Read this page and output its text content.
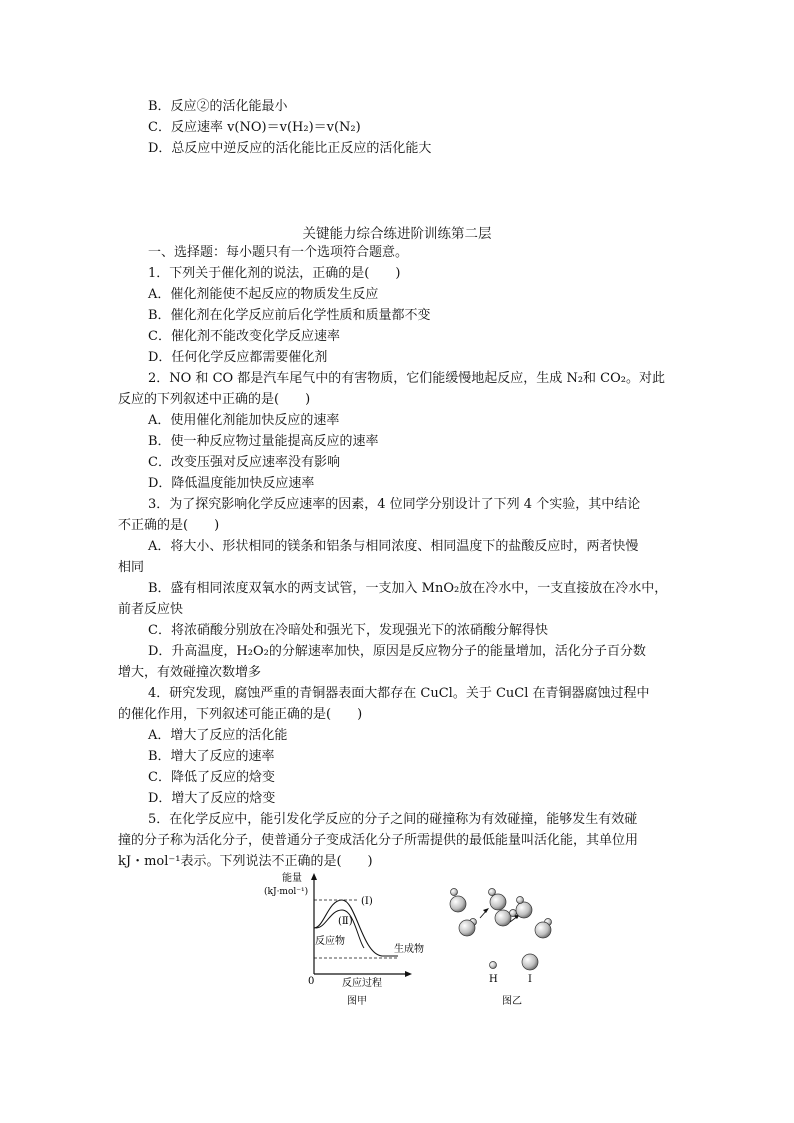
B．反应②的活化能最小
C．反应速率 v(NO)＝v(H₂)＝v(N₂)
D．总反应中逆反应的活化能比正反应的活化能大
关键能力综合练进阶训练第二层
一、选择题：每小题只有一个选项符合题意。
1．下列关于催化剂的说法，正确的是(　　)
A．催化剂能使不起反应的物质发生反应
B．催化剂在化学反应前后化学性质和质量都不变
C．催化剂不能改变化学反应速率
D．任何化学反应都需要催化剂
2．NO 和 CO 都是汽车尾气中的有害物质，它们能缓慢地起反应，生成 N₂和 CO₂。对此
反应的下列叙述中正确的是(　　)
A．使用催化剂能加快反应的速率
B．使一种反应物过量能提高反应的速率
C．改变压强对反应速率没有影响
D．降低温度能加快反应速率
3．为了探究影响化学反应速率的因素，4 位同学分别设计了下列 4 个实验，其中结论
不正确的是(　　)
A．将大小、形状相同的镁条和铝条与相同浓度、相同温度下的盐酸反应时，两者快慢
相同
B．盛有相同浓度双氧水的两支试管，一支加入 MnO₂放在冷水中，一支直接放在冷水中，
前者反应快
C．将浓硝酸分别放在冷暗处和强光下，发现强光下的浓硝酸分解得快
D．升高温度，H₂O₂的分解速率加快，原因是反应物分子的能量增加，活化分子百分数
增大，有效碰撞次数增多
4．研究发现，腐蚀严重的青铜器表面大都存在 CuCl。关于 CuCl 在青铜器腐蚀过程中
的催化作用，下列叙述可能正确的是(　　)
A．增大了反应的活化能
B．增大了反应的速率
C．降低了反应的焓变
D．增大了反应的焓变
5．在化学反应中，能引发化学反应的分子之间的碰撞称为有效碰撞，能够发生有效碰
撞的分子称为活化分子，使普通分子变成活化分子所需提供的最低能量叫活化能，其单位用
kJ・mol⁻¹表示。下列说法不正确的是(　　)
能量
(kJ·mol⁻¹)
(Ⅰ)
(Ⅱ)
反应物
生成物
0	反应过程
图甲
H	I
图乙
